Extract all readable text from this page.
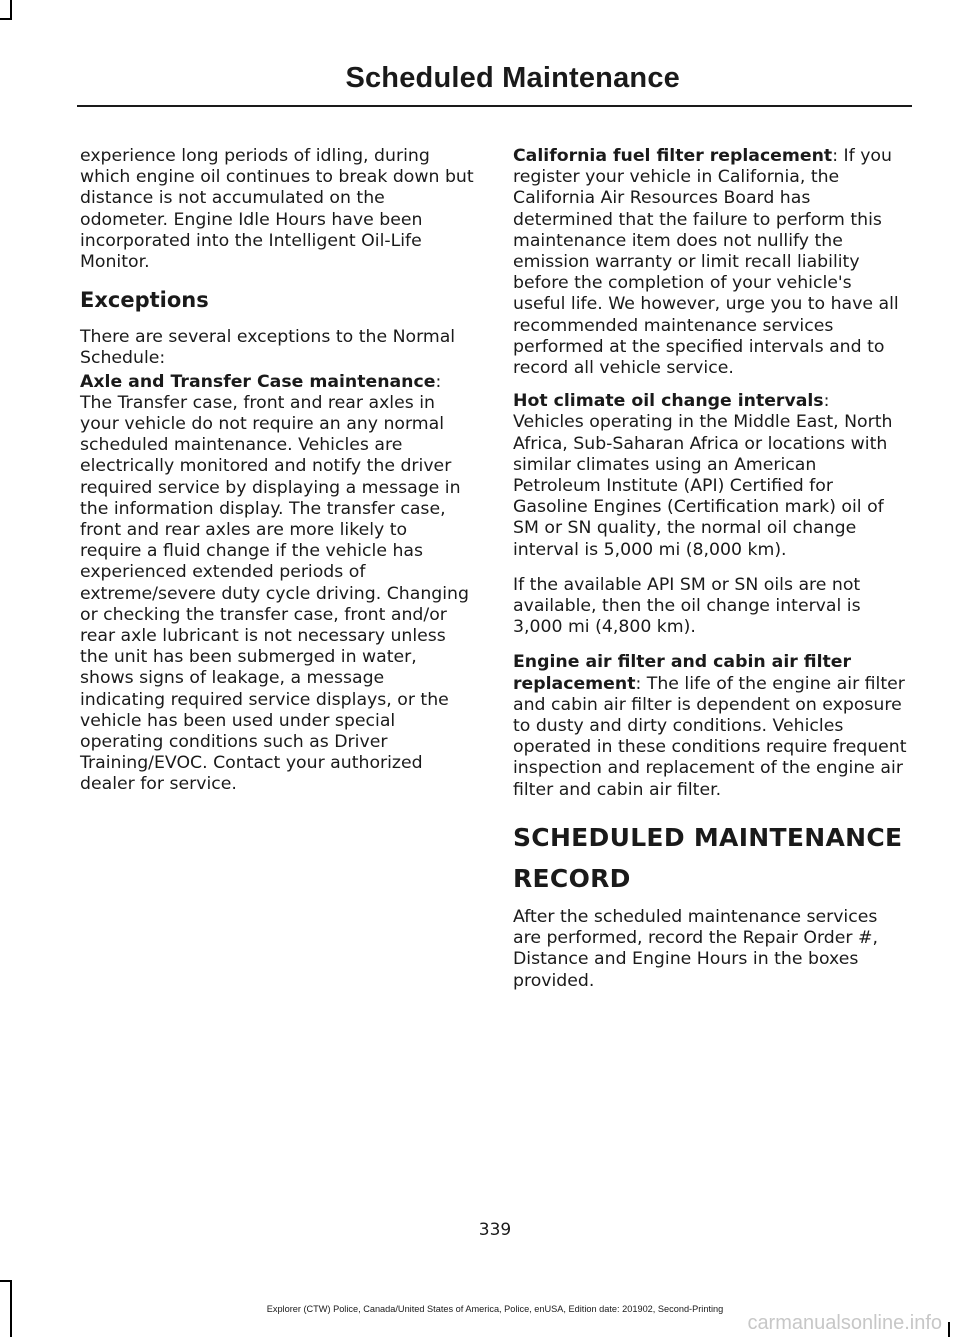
Scheduled Maintenance

experience long periods of idling, during which engine oil continues to break down but distance is not accumulated on the odometer. Engine Idle Hours have been incorporated into the Intelligent Oil-Life Monitor.

Exceptions

There are several exceptions to the Normal Schedule:

Axle and Transfer Case maintenance:
The Transfer case, front and rear axles in your vehicle do not require an any normal scheduled maintenance. Vehicles are electrically monitored and notify the driver required service by displaying a message in the information display. The transfer case, front and rear axles are more likely to require a fluid change if the vehicle has experienced extended periods of extreme/severe duty cycle driving. Changing or checking the transfer case, front and/or rear axle lubricant is not necessary unless the unit has been submerged in water, shows signs of leakage, a message indicating required service displays, or the vehicle has been used under special operating conditions such as Driver Training/EVOC. Contact your authorized dealer for service.

California fuel filter replacement: If you register your vehicle in California, the California Air Resources Board has determined that the failure to perform this maintenance item does not nullify the emission warranty or limit recall liability before the completion of your vehicle's useful life. We however, urge you to have all recommended maintenance services performed at the specified intervals and to record all vehicle service.

Hot climate oil change intervals:
Vehicles operating in the Middle East, North Africa, Sub-Saharan Africa or locations with similar climates using an American Petroleum Institute (API) Certified for Gasoline Engines (Certification mark) oil of SM or SN quality, the normal oil change interval is 5,000 mi (8,000 km).

If the available API SM or SN oils are not available, then the oil change interval is 3,000 mi (4,800 km).

Engine air filter and cabin air filter replacement: The life of the engine air filter and cabin air filter is dependent on exposure to dusty and dirty conditions. Vehicles operated in these conditions require frequent inspection and replacement of the engine air filter and cabin air filter.

SCHEDULED MAINTENANCE
RECORD

After the scheduled maintenance services are performed, record the Repair Order #, Distance and Engine Hours in the boxes provided.

339
Explorer (CTW) Police, Canada/United States of America, Police, enUSA, Edition date: 201902, Second-Printing
carmanualsonline.info
